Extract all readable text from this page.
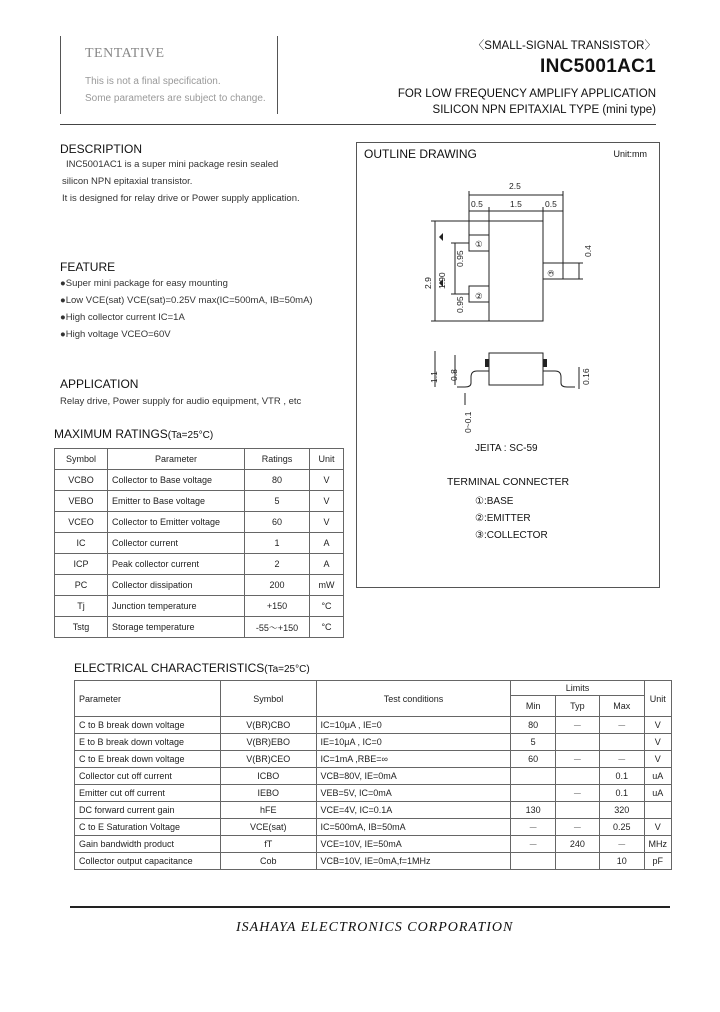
TENTATIVE
This is not a final specification.
Some parameters are subject to change.
〈SMALL-SIGNAL TRANSISTOR〉
INC5001AC1
FOR LOW FREQUENCY AMPLIFY APPLICATION
SILICON NPN EPITAXIAL TYPE (mini type)
DESCRIPTION
INC5001AC1 is a super mini package resin sealed
silicon NPN epitaxial transistor.
It is designed for relay drive or Power supply application.
FEATURE
●Super mini package for easy mounting
●Low VCE(sat) VCE(sat)=0.25V max(IC=500mA, IB=50mA)
●High collector current IC=1A
●High voltage VCEO=60V
APPLICATION
Relay drive, Power supply for audio equipment, VTR , etc
MAXIMUM RATINGS(Ta=25°C)
Symbol	Parameter	Ratings	Unit
VCBO	Collector to Base voltage	80	V
VEBO	Emitter to Base voltage	5	V
VCEO	Collector to Emitter voltage	60	V
IC	Collector current	1	A
ICP	Peak collector current	2	A
PC	Collector dissipation	200	mW
Tj	Junction temperature	+150	°C
Tstg	Storage temperature	-55～+150	°C
OUTLINE DRAWING	Unit:mm
2.5
0.5	1.5	0.5
2.9 1.90
0.95
0.95
0.4
①
②
③
1.1 0.8	0.16
0~0.1
JEITA : SC-59
TERMINAL CONNECTER
①:BASE
②:EMITTER
③:COLLECTOR
ELECTRICAL CHARACTERISTICS(Ta=25°C)
Parameter	Symbol	Test conditions	Limits			Unit
			Min	Typ	Max	
C to B break down voltage	V(BR)CBO	IC=10μA , IE=0	80	－	－	V
E to B break down voltage	V(BR)EBO	IE=10μA , IC=0	5			V
C to E break down voltage	V(BR)CEO	IC=1mA ,RBE=∞	60	－	－	V
Collector cut off current	ICBO	VCB=80V, IE=0mA			0.1	uA
Emitter cut off current	IEBO	VEB=5V, IC=0mA		－	0.1	uA
DC forward current gain	hFE	VCE=4V, IC=0.1A	130		320	
C to E Saturation Voltage	VCE(sat)	IC=500mA, IB=50mA	－	－	0.25	V
Gain bandwidth product	fT	VCE=10V, IE=50mA	－	240	－	MHz
Collector output capacitance	Cob	VCB=10V, IE=0mA,f=1MHz			10	pF
ISAHAYA ELECTRONICS CORPORATION
